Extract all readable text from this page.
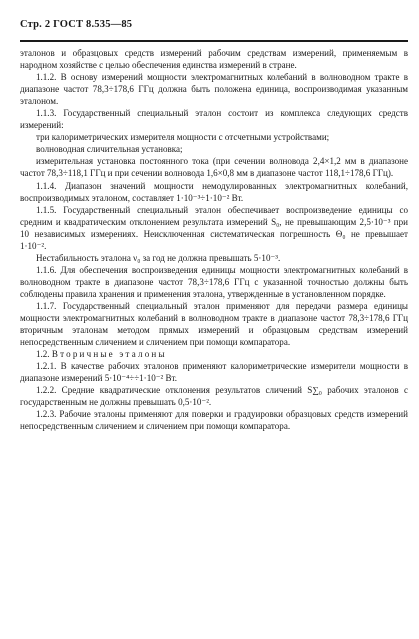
Стр. 2 ГОСТ 8.535—85

эталонов и образцовых средств измерений рабочим средствам измерений, применяемым в народном хозяйстве с целью обеспечения единства измерений в стране.

1.1.2. В основу измерений мощности электромагнитных колебаний в волноводном тракте в диапазоне частот 78,3÷178,6 ГГц должна быть положена единица, воспроизводимая указанным эталоном.

1.1.3. Государственный специальный эталон состоит из комплекса следующих средств измерений:

три калориметрических измерителя мощности с отсчетными устройствами;

волноводная сличительная установка;

измерительная установка постоянного тока (при сечении волновода 2,4×1,2 мм в диапазоне частот 78,3÷118,1 ГГц и при сечении волновода 1,6×0,8 мм в диапазоне частот 118,1÷178,6 ГГц).

1.1.4. Диапазон значений мощности немодулированных электромагнитных колебаний, воспроизводимых эталоном, составляет 1·10⁻³÷1·10⁻² Вт.

1.1.5. Государственный специальный эталон обеспечивает воспроизведение единицы со средним и квадратическим отклонением результата измерений S₀, не превышающим 2,5·10⁻³ при 10 независимых измерениях. Неисключенная систематическая погрешность Θ₀ не превышает 1·10⁻².

Нестабильность эталона ν₀ за год не должна превышать 5·10⁻³.

1.1.6. Для обеспечения воспроизведения единицы мощности электромагнитных колебаний в волноводном тракте в диапазоне частот 78,3÷178,6 ГГц с указанной точностью должны быть соблюдены правила хранения и применения эталона, утвержденные в установленном порядке.

1.1.7. Государственный специальный эталон применяют для передачи размера единицы мощности электромагнитных колебаний в волноводном тракте в диапазоне частот 78,3÷178,6 ГГц вторичным эталонам методом прямых измерений и образцовым средствам измерений непосредственным сличением и сличением при помощи компаратора.

1.2. Вторичные эталоны

1.2.1. В качестве рабочих эталонов применяют калориметрические измерители мощности в диапазоне измерений 5·10⁻⁴÷÷1·10⁻² Вт.

1.2.2. Средние квадратические отклонения результатов сличений S∑₀ рабочих эталонов с государственным не должны превышать 0,5·10⁻².

1.2.3. Рабочие эталоны применяют для поверки и градуировки образцовых средств измерений непосредственным сличением и сличением при помощи компаратора.
